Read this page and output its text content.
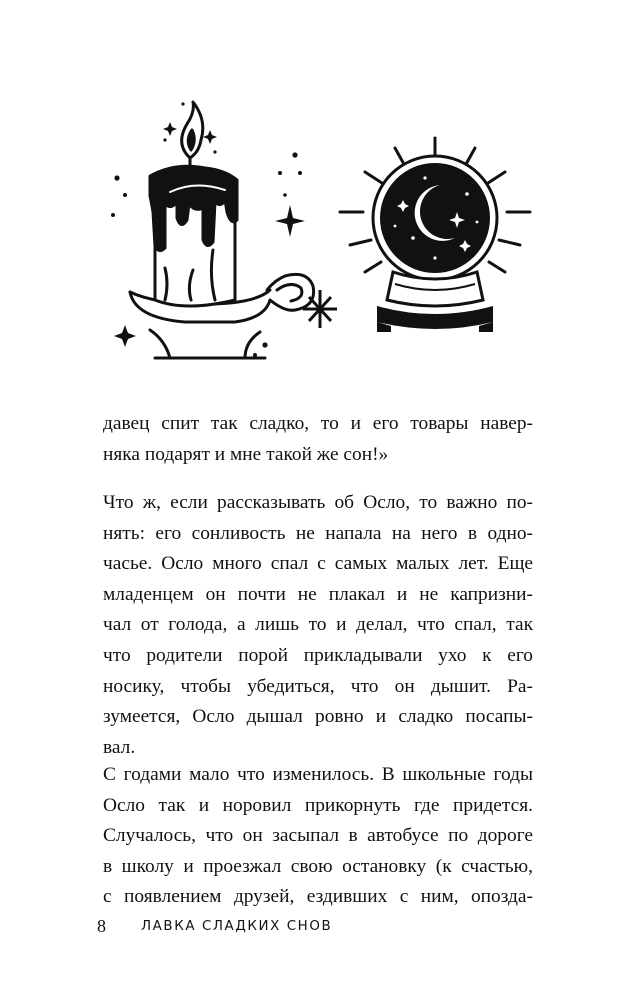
давец спит так сладко, то и его товары навер-
няка подарят и мне такой же сон!»
Что ж, если рассказывать об Осло, то важно по-
нять: его сонливость не напала на него в одно-
часье. Осло много спал с самых малых лет. Еще
младенцем он почти не плакал и не капризни-
чал от голода, а лишь то и делал, что спал, так
что родители порой прикладывали ухо к его
носику, чтобы убедиться, что он дышит. Ра-
зумеется, Осло дышал ровно и сладко посапы-
вал.
С годами мало что изменилось. В школьные годы
Осло так и норовил прикорнуть где придется.
Случалось, что он засыпал в автобусе по дороге
в школу и проезжал свою остановку (к счастью,
с появлением друзей, ездивших с ним, опозда-
8	ЛАВКА СЛАДКИХ СНОВ
